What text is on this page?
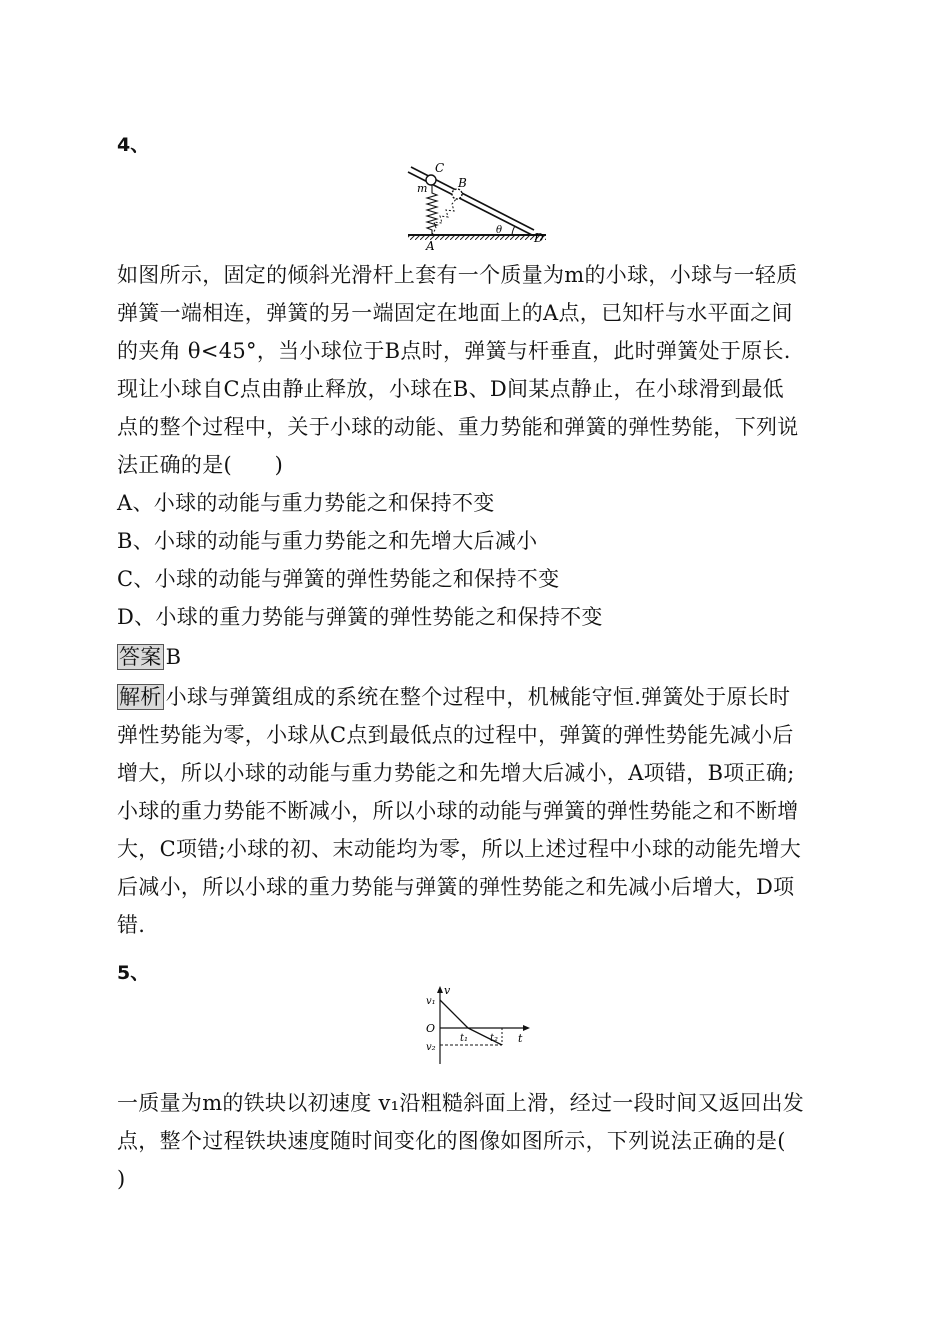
4、
C
m	B
A
D
θ
如图所示，固定的倾斜光滑杆上套有一个质量为m的小球，小球与一轻质
弹簧一端相连，弹簧的另一端固定在地面上的A点，已知杆与水平面之间
的夹角 θ<45°，当小球位于B点时，弹簧与杆垂直，此时弹簧处于原长.
现让小球自C点由静止释放，小球在B、D间某点静止，在小球滑到最低
点的整个过程中，关于小球的动能、重力势能和弹簧的弹性势能，下列说
法正确的是(　　)
A、小球的动能与重力势能之和保持不变
B、小球的动能与重力势能之和先增大后减小
C、小球的动能与弹簧的弹性势能之和保持不变
D、小球的重力势能与弹簧的弹性势能之和保持不变
答案 B
解析 小球与弹簧组成的系统在整个过程中，机械能守恒.弹簧处于原长时
弹性势能为零，小球从C点到最低点的过程中，弹簧的弹性势能先减小后
增大，所以小球的动能与重力势能之和先增大后减小，A项错，B项正确;
小球的重力势能不断减小，所以小球的动能与弹簧的弹性势能之和不断增
大，C项错;小球的初、末动能均为零，所以上述过程中小球的动能先增大
后减小，所以小球的重力势能与弹簧的弹性势能之和先减小后增大，D项
错.
5、
v
v₁
O
t₁ t₂ t
v₂
一质量为m的铁块以初速度 v₁沿粗糙斜面上滑，经过一段时间又返回出发
点，整个过程铁块速度随时间变化的图像如图所示，下列说法正确的是(
)
